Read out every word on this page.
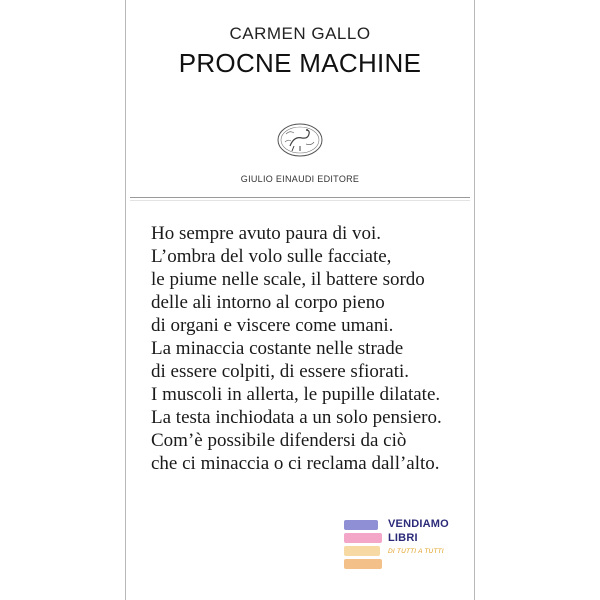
CARMEN GALLO
PROCNE MACHINE
GIULIO EINAUDI EDITORE
Ho sempre avuto paura di voi.
L’ombra del volo sulle facciate,
le piume nelle scale, il battere sordo
delle ali intorno al corpo pieno
di organi e viscere come umani.
La minaccia costante nelle strade
di essere colpiti, di essere sfiorati.
I muscoli in allerta, le pupille dilatate.
La testa inchiodata a un solo pensiero.
Com’è possibile difendersi da ciò
che ci minaccia o ci reclama dall’alto.
VENDIAMO
LIBRI
DI TUTTI A TUTTI
